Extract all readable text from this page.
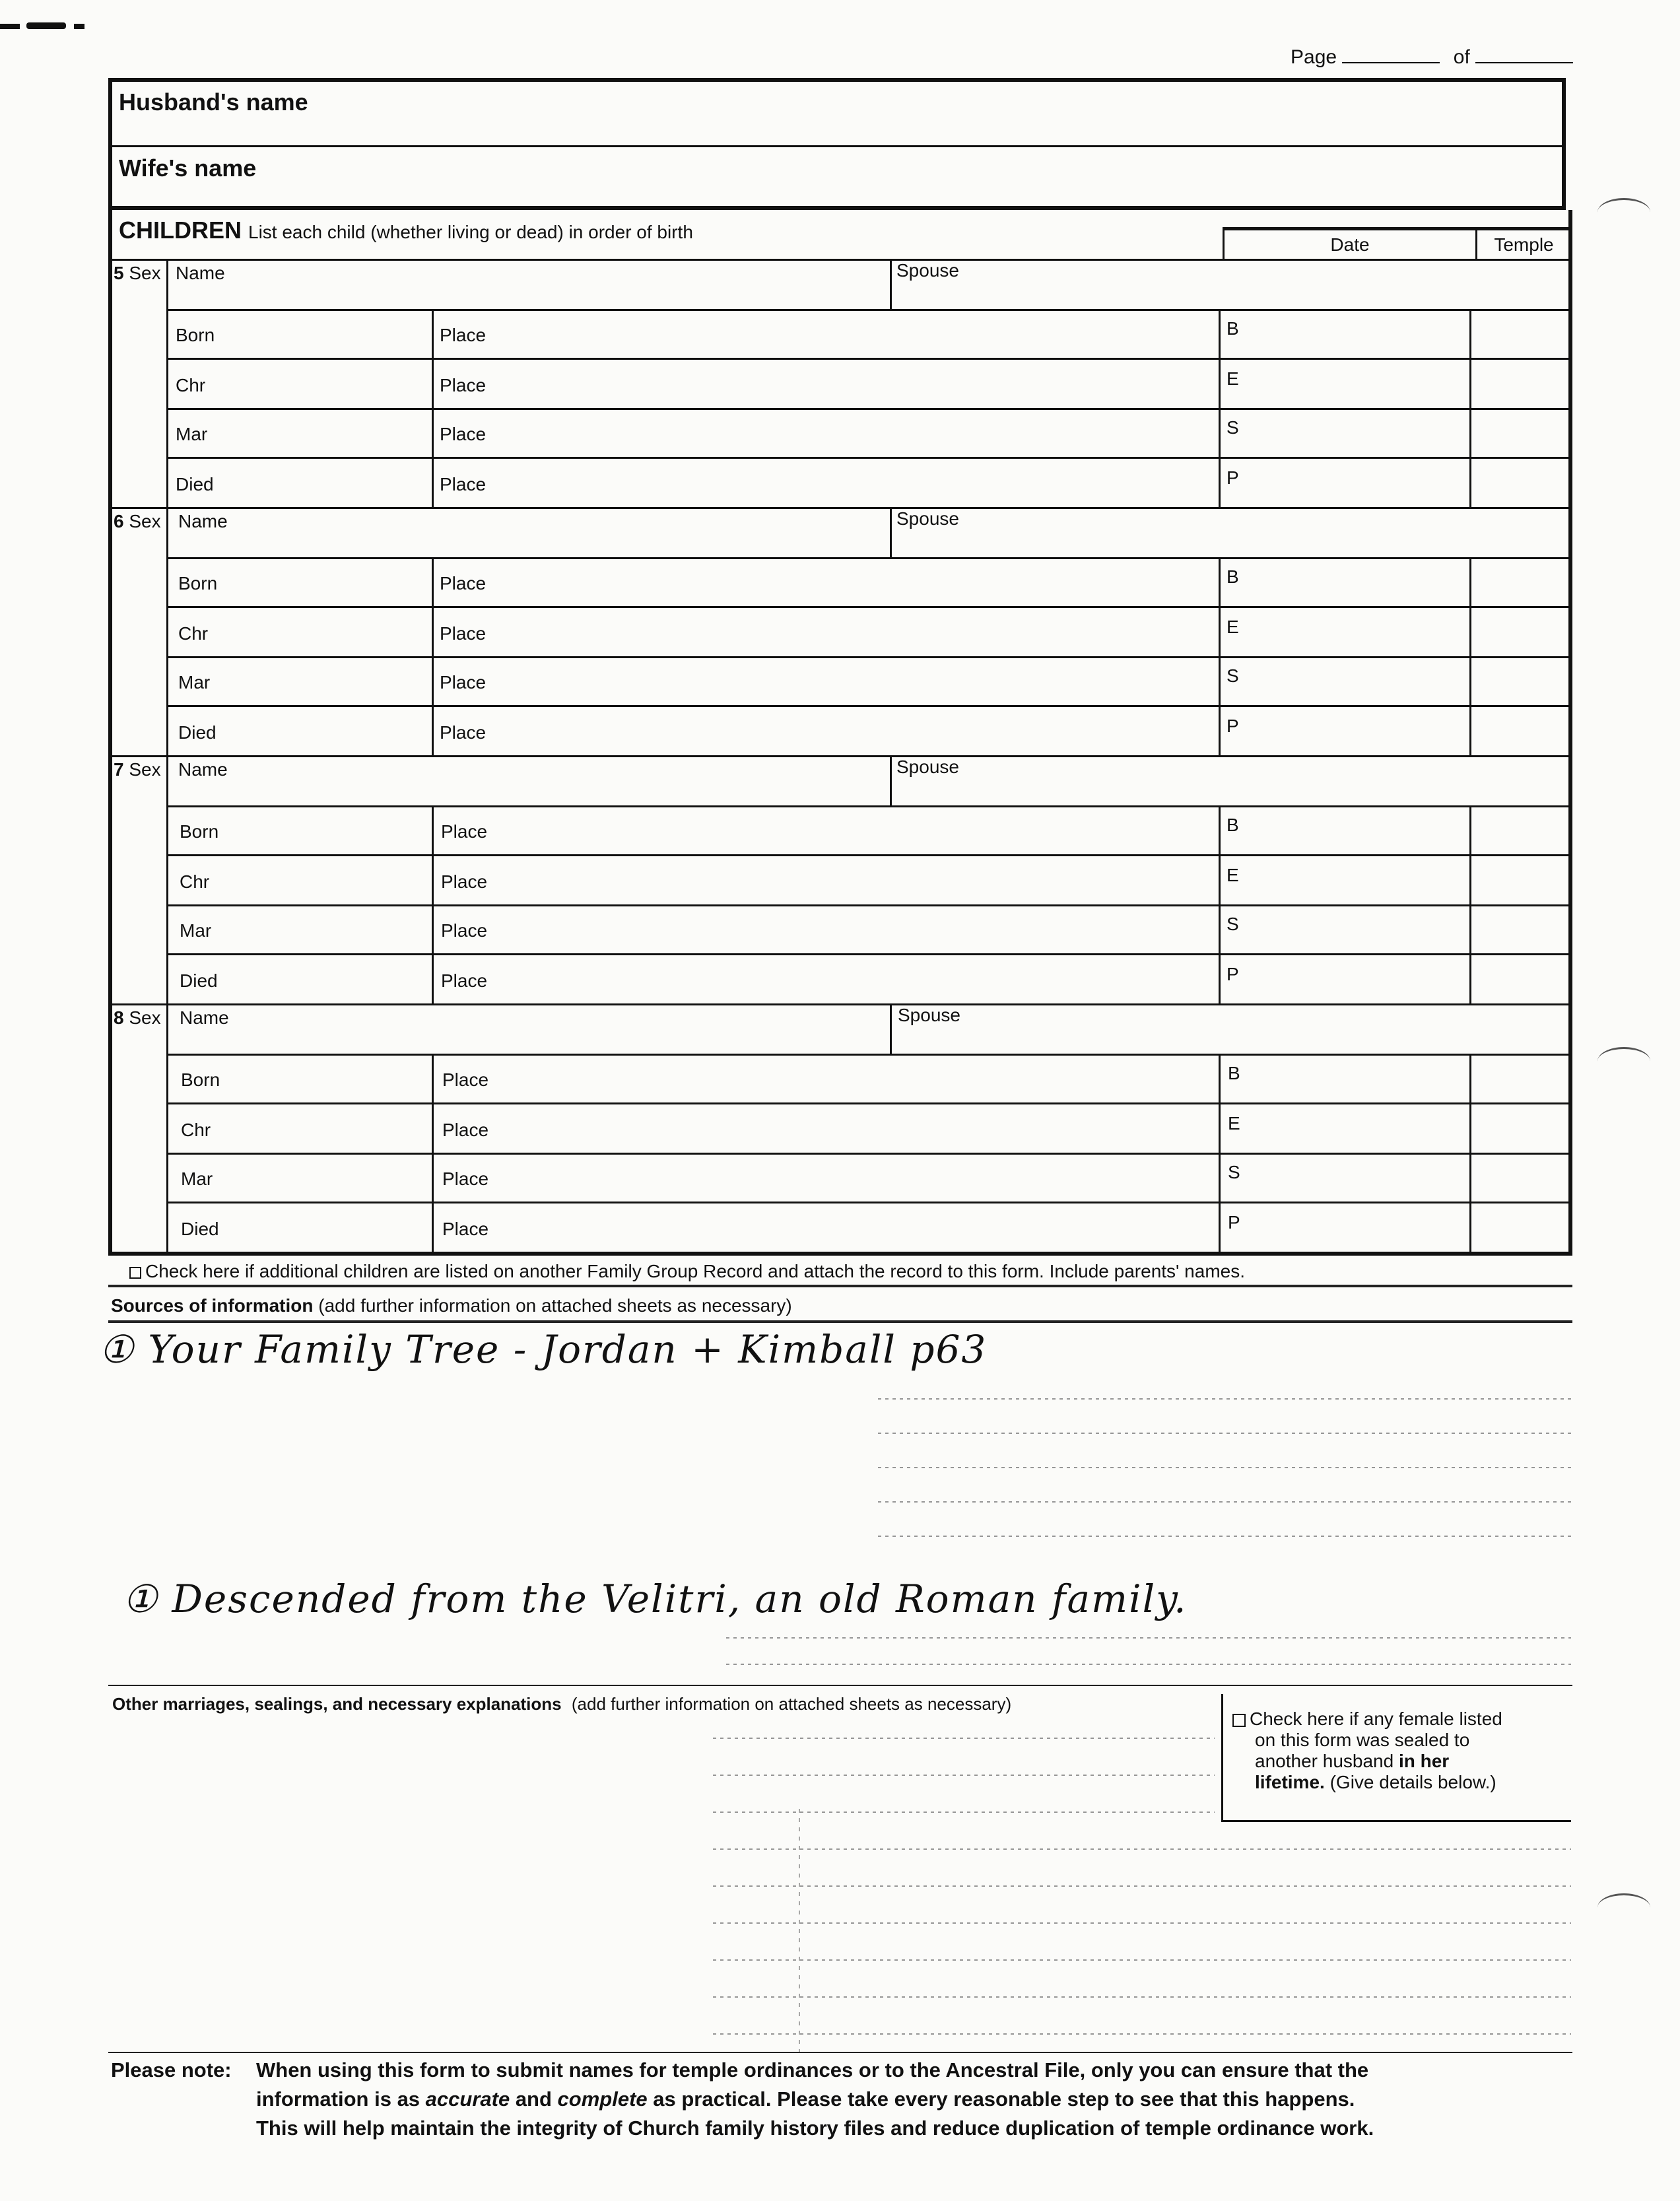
Page	of
Husband's name
Wife's name
CHILDREN List each child (whether living or dead) in order of birth
Date	Temple
5 Sex Name	Spouse
Born	Place	B
Chr	Place	E
Mar	Place	S
Died	Place	P
6 Sex Name	Spouse
Born	Place	B
Chr	Place	E
Mar	Place	S
Died	Place	P
7 Sex Name	Spouse
Born	Place	B
Chr	Place	E
Mar	Place	S
Died	Place	P
8 Sex Name	Spouse
Born	Place	B
Chr	Place	E
Mar	Place	S
Died	Place	P
Check here if additional children are listed on another Family Group Record and attach the record to this form. Include parents' names.
Sources of information (add further information on attached sheets as necessary)
① Your Family Tree - Jordan + Kimball p63
① Descended from the Velitri, an old Roman family.
Other marriages, sealings, and necessary explanations (add further information on attached sheets as necessary)
Check here if any female listed
on this form was sealed to
another husband in her
lifetime. (Give details below.)
Please note: When using this form to submit names for temple ordinances or to the Ancestral File, only you can ensure that the
information is as accurate and complete as practical. Please take every reasonable step to see that this happens.
This will help maintain the integrity of Church family history files and reduce duplication of temple ordinance work.
